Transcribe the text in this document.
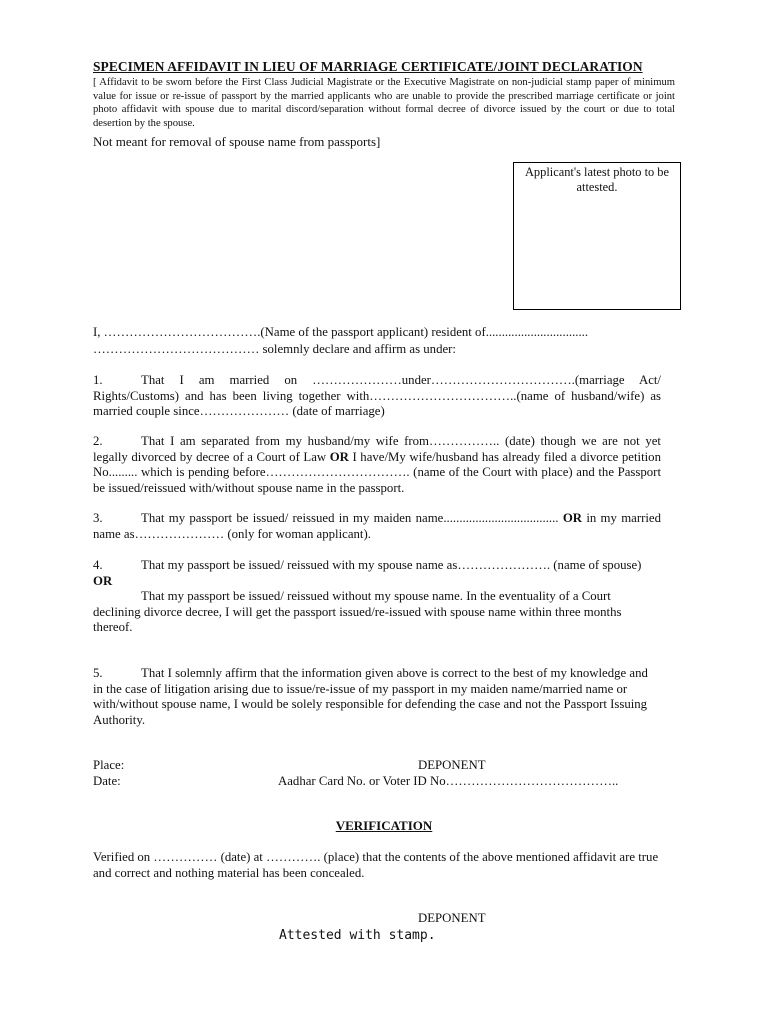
SPECIMEN AFFIDAVIT IN LIEU OF MARRIAGE CERTIFICATE/JOINT DECLARATION

[ Affidavit to be sworn before the First Class Judicial Magistrate or the Executive Magistrate on non-judicial stamp paper of minimum value for issue or re-issue of passport by the married applicants who are unable to provide the prescribed marriage certificate or joint photo affidavit with spouse due to marital discord/separation without formal decree of divorce issued by the court or due to total desertion by the spouse.

Not meant for removal of spouse name from passports]

Applicant's latest photo to be attested.

I, ……………………………….(Name of the passport applicant) resident of................................

………………………………… solemnly declare and affirm as under:

1.	That I am married on …………………under…………………………….(marriage Act/ Rights/Customs) and has been living together with……………………………..(name of husband/wife) as married couple since………………… (date of marriage)

2.	That I am separated from my husband/my wife from…………….. (date) though we are not yet legally divorced by decree of a Court of Law OR I have/My wife/husband has already filed a divorce petition No......... which is pending before……………………………. (name of the Court with place) and the Passport be issued/reissued with/without spouse name in the passport.

3.	That my passport be issued/ reissued in my maiden name.................................... OR in my married name as………………… (only for woman applicant).

4.	That my passport be issued/ reissued with my spouse name as…………………. (name of spouse)
OR
That my passport be issued/ reissued without my spouse name. In the eventuality of a Court declining divorce decree, I will get the passport issued/re-issued with spouse name within three months thereof.

5.	That I solemnly affirm that the information given above is correct to the best of my knowledge and in the case of litigation arising due to issue/re-issue of my passport in my maiden name/married name or with/without spouse name, I would be solely responsible for defending the case and not the Passport Issuing Authority.

Place:
Date:
DEPONENT
Aadhar Card No. or Voter ID No…………………………………..
VERIFICATION

Verified on …………… (date) at …………. (place) that the contents of the above mentioned affidavit are true and correct and nothing material has been concealed.

DEPONENT
Attested with stamp.
